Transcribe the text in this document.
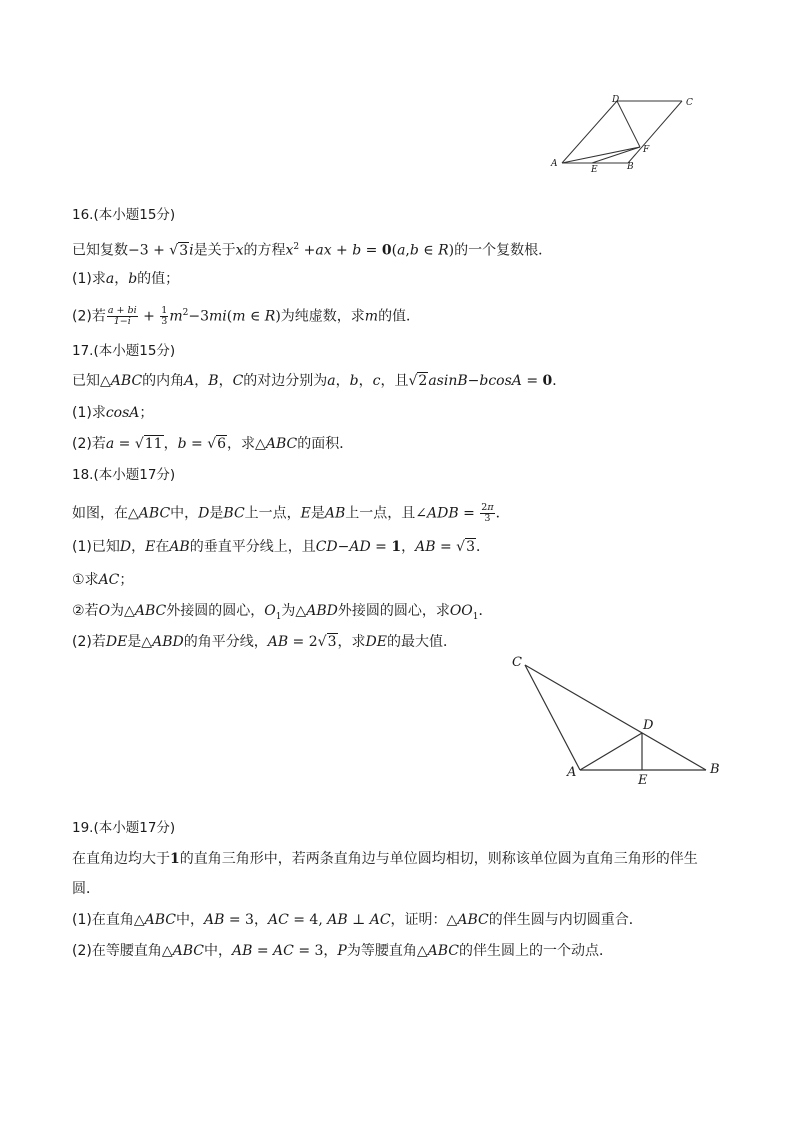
A
E	B
F
D	C
16.(本小题15分)
已知复数−3 + √3i是关于x的方程$x^2 +ax + b = 0(a,b$ ∈ R)的一个复数根．
(1)求a，b的值；
(2)若 $\frac{a + bi}{1-i} + \frac{1}{3} m^2-3mi(m$ ∈ R)为纯虚数，求m的值．
17.(本小题15分)
已知△ABC的内角A，B，C的对边分别为a，b，c，且√2asinB−bcosA = 0．
(1)求cosA；
(2)若a = √11，b = √6，求△ABC的面积．
18.(本小题17分)
如图，在△ABC中，D是BC上一点，E是AB上一点，且∠ADB = $\frac{2\pi}{3}$ ．
(1)已知D，E在AB的垂直平分线上，且CD−AD = 1，AB = √3．
①求AC；
②若O为△ABC外接圆的圆心，$O_1$为△ABD外接圆的圆心，求$OO_1$．
(2)若DE是△ABD的角平分线，AB = 2√3，求DE的最大值．
C
A	B
D
E
19.(本小题17分)
在直角边均大于1的直角三角形中，若两条直角边与单位圆均相切，则称该单位圆为直角三角形的伴生
圆．
(1)在直角△ABC中，AB = 3，AC = 4, AB ⊥ AC，证明：△ABC的伴生圆与内切圆重合．
(2)在等腰直角△ABC中，AB = AC = 3，P为等腰直角△ABC的伴生圆上的一个动点．
